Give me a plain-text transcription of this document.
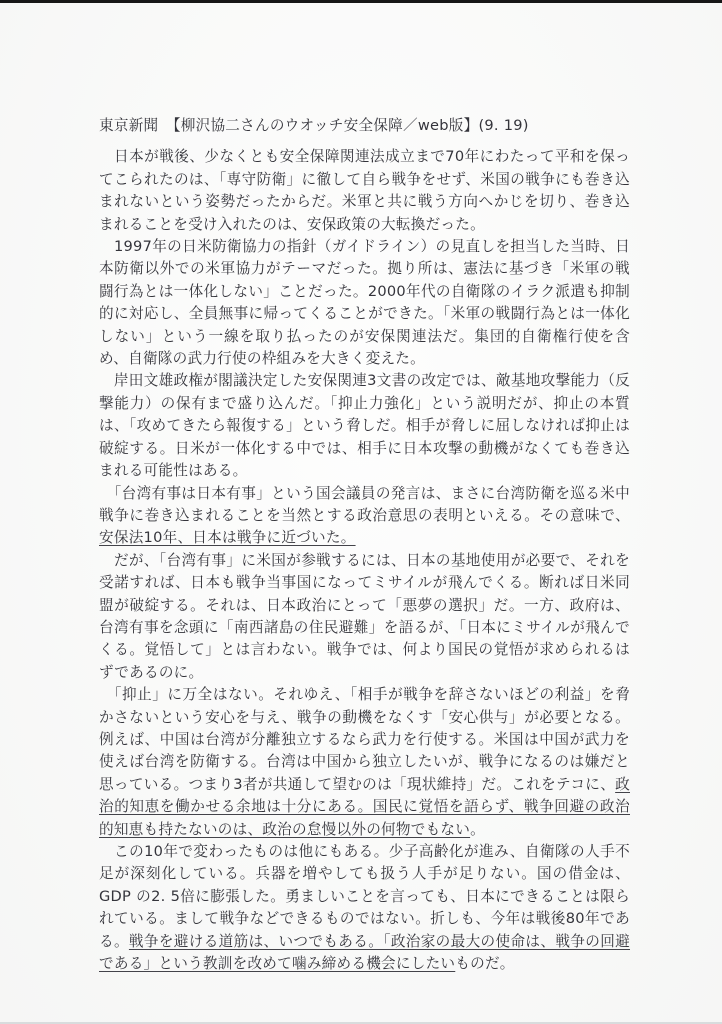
東京新聞　【柳沢協二さんのウオッチ安全保障／web版】(9. 19)

　日本が戦後、少なくとも安全保障関連法成立まで70年にわたって平和を保ってこられたのは、「専守防衛」に徹して自ら戦争をせず、米国の戦争にも巻き込まれないという姿勢だったからだ。米軍と共に戦う方向へかじを切り、巻き込まれることを受け入れたのは、安保政策の大転換だった。

　1997年の日米防衛協力の指針（ガイドライン）の見直しを担当した当時、日本防衛以外での米軍協力がテーマだった。拠り所は、憲法に基づき「米軍の戦闘行為とは一体化しない」ことだった。2000年代の自衛隊のイラク派遣も抑制的に対応し、全員無事に帰ってくることができた。「米軍の戦闘行為とは一体化しない」という一線を取り払ったのが安保関連法だ。集団的自衛権行使を含め、自衛隊の武力行使の枠組みを大きく変えた。

　岸田文雄政権が閣議決定した安保関連3文書の改定では、敵基地攻撃能力（反撃能力）の保有まで盛り込んだ。「抑止力強化」という説明だが、抑止の本質は、「攻めてきたら報復する」という脅しだ。相手が脅しに屈しなければ抑止は破綻する。日米が一体化する中では、相手に日本攻撃の動機がなくても巻き込まれる可能性はある。

　「台湾有事は日本有事」という国会議員の発言は、まさに台湾防衛を巡る米中戦争に巻き込まれることを当然とする政治意思の表明といえる。その意味で、安保法10年、日本は戦争に近づいた。

　だが、「台湾有事」に米国が参戦するには、日本の基地使用が必要で、それを受諾すれば、日本も戦争当事国になってミサイルが飛んでくる。断れば日米同盟が破綻する。それは、日本政治にとって「悪夢の選択」だ。一方、政府は、台湾有事を念頭に「南西諸島の住民避難」を語るが、「日本にミサイルが飛んでくる。覚悟して」とは言わない。戦争では、何より国民の覚悟が求められるはずであるのに。

　「抑止」に万全はない。それゆえ、「相手が戦争を辞さないほどの利益」を脅かさないという安心を与え、戦争の動機をなくす「安心供与」が必要となる。例えば、中国は台湾が分離独立するなら武力を行使する。米国は中国が武力を使えば台湾を防衛する。台湾は中国から独立したいが、戦争になるのは嫌だと思っている。つまり3者が共通して望むのは「現状維持」だ。これをテコに、政治的知恵を働かせる余地は十分にある。国民に覚悟を語らず、戦争回避の政治的知恵も持たないのは、政治の怠慢以外の何物でもない。

　この10年で変わったものは他にもある。少子高齢化が進み、自衛隊の人手不足が深刻化している。兵器を増やしても扱う人手が足りない。国の借金は、GDP の2. 5倍に膨張した。勇ましいことを言っても、日本にできることは限られている。まして戦争などできるものではない。折しも、今年は戦後80年である。戦争を避ける道筋は、いつでもある。「政治家の最大の使命は、戦争の回避である」という教訓を改めて噛み締める機会にしたいものだ。
